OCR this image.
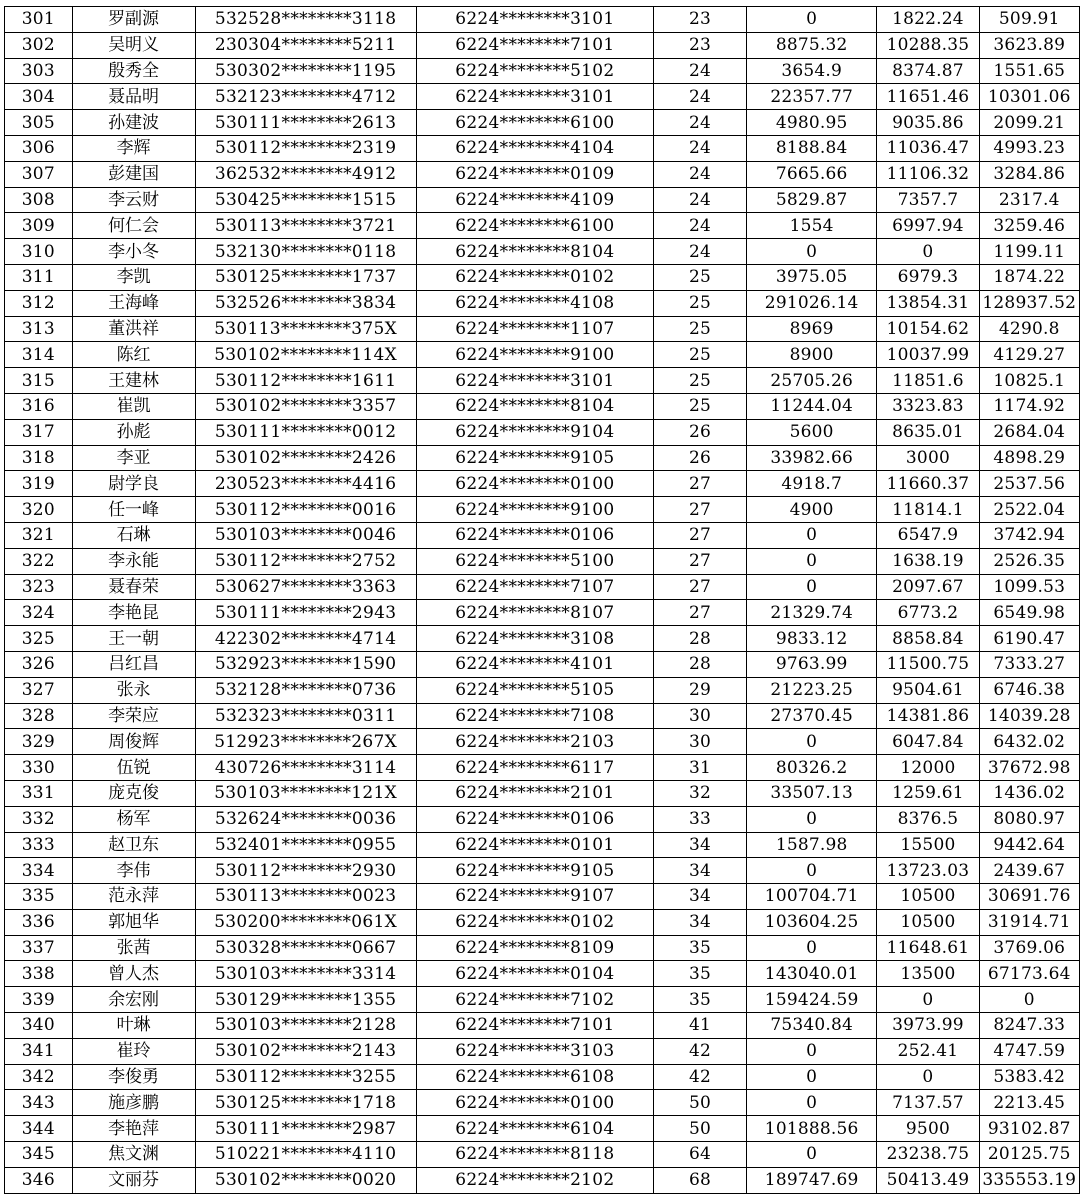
301	罗副源	532528********3118	6224********3101	23	0	1822.24	509.91
302	吴明义	230304********5211	6224********7101	23	8875.32	10288.35	3623.89
303	殷秀全	530302********1195	6224********5102	24	3654.9	8374.87	1551.65
304	聂品明	532123********4712	6224********3101	24	22357.77	11651.46	10301.06
305	孙建波	530111********2613	6224********6100	24	4980.95	9035.86	2099.21
306	李辉	530112********2319	6224********4104	24	8188.84	11036.47	4993.23
307	彭建国	362532********4912	6224********0109	24	7665.66	11106.32	3284.86
308	李云财	530425********1515	6224********4109	24	5829.87	7357.7	2317.4
309	何仁会	530113********3721	6224********6100	24	1554	6997.94	3259.46
310	李小冬	532130********0118	6224********8104	24	0	0	1199.11
311	李凯	530125********1737	6224********0102	25	3975.05	6979.3	1874.22
312	王海峰	532526********3834	6224********4108	25	291026.14	13854.31	128937.52
313	董洪祥	530113********375X	6224********1107	25	8969	10154.62	4290.8
314	陈红	530102********114X	6224********9100	25	8900	10037.99	4129.27
315	王建林	530112********1611	6224********3101	25	25705.26	11851.6	10825.1
316	崔凯	530102********3357	6224********8104	25	11244.04	3323.83	1174.92
317	孙彪	530111********0012	6224********9104	26	5600	8635.01	2684.04
318	李亚	530102********2426	6224********9105	26	33982.66	3000	4898.29
319	尉学良	230523********4416	6224********0100	27	4918.7	11660.37	2537.56
320	任一峰	530112********0016	6224********9100	27	4900	11814.1	2522.04
321	石琳	530103********0046	6224********0106	27	0	6547.9	3742.94
322	李永能	530112********2752	6224********5100	27	0	1638.19	2526.35
323	聂春荣	530627********3363	6224********7107	27	0	2097.67	1099.53
324	李艳昆	530111********2943	6224********8107	27	21329.74	6773.2	6549.98
325	王一朝	422302********4714	6224********3108	28	9833.12	8858.84	6190.47
326	吕红昌	532923********1590	6224********4101	28	9763.99	11500.75	7333.27
327	张永	532128********0736	6224********5105	29	21223.25	9504.61	6746.38
328	李荣应	532323********0311	6224********7108	30	27370.45	14381.86	14039.28
329	周俊辉	512923********267X	6224********2103	30	0	6047.84	6432.02
330	伍锐	430726********3114	6224********6117	31	80326.2	12000	37672.98
331	庞克俊	530103********121X	6224********2101	32	33507.13	1259.61	1436.02
332	杨军	532624********0036	6224********0106	33	0	8376.5	8080.97
333	赵卫东	532401********0955	6224********0101	34	1587.98	15500	9442.64
334	李伟	530112********2930	6224********9105	34	0	13723.03	2439.67
335	范永萍	530113********0023	6224********9107	34	100704.71	10500	30691.76
336	郭旭华	530200********061X	6224********0102	34	103604.25	10500	31914.71
337	张茜	530328********0667	6224********8109	35	0	11648.61	3769.06
338	曾人杰	530103********3314	6224********0104	35	143040.01	13500	67173.64
339	余宏刚	530129********1355	6224********7102	35	159424.59	0	0
340	叶琳	530103********2128	6224********7101	41	75340.84	3973.99	8247.33
341	崔玲	530102********2143	6224********3103	42	0	252.41	4747.59
342	李俊勇	530112********3255	6224********6108	42	0	0	5383.42
343	施彦鹏	530125********1718	6224********0100	50	0	7137.57	2213.45
344	李艳萍	530111********2987	6224********6104	50	101888.56	9500	93102.87
345	焦文渊	510221********4110	6224********8118	64	0	23238.75	20125.75
346	文丽芬	530102********0020	6224********2102	68	189747.69	50413.49	335553.19
